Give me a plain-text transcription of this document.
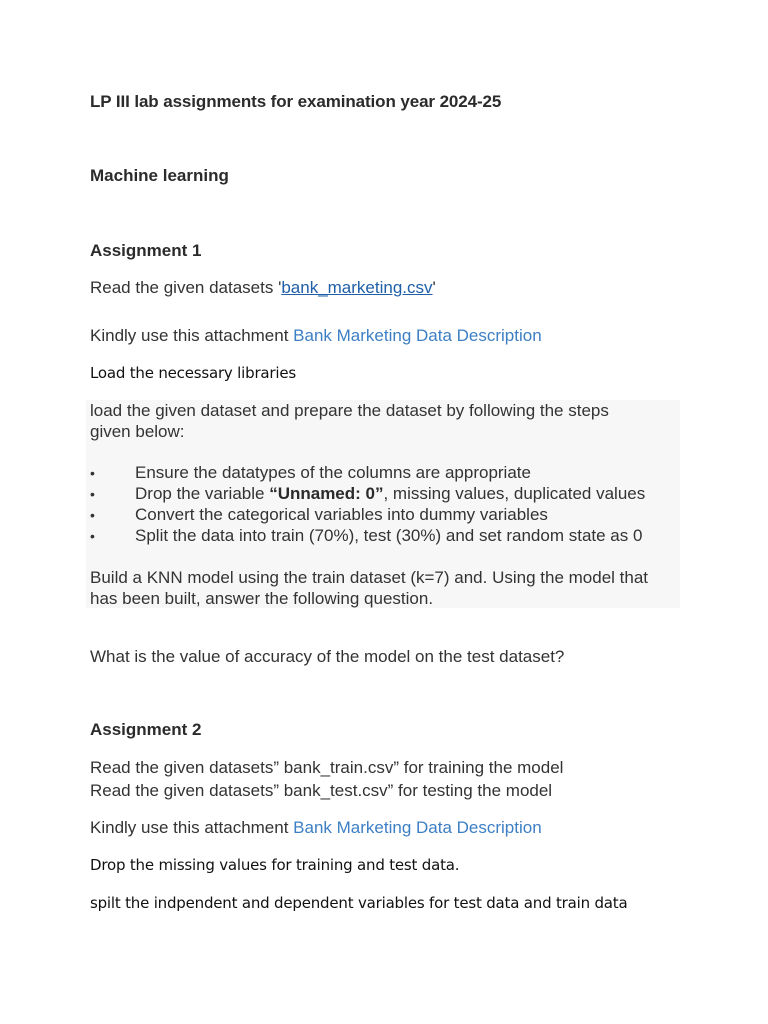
LP III lab assignments for examination year 2024-25
Machine learning
Assignment 1
Read the given datasets 'bank_marketing.csv'
Kindly use this attachment Bank Marketing Data Description
Load the necessary libraries
load the given dataset and prepare the dataset by following the steps
given below:
• Ensure the datatypes of the columns are appropriate
• Drop the variable “Unnamed: 0”, missing values, duplicated values
• Convert the categorical variables into dummy variables
• Split the data into train (70%), test (30%) and set random state as 0
Build a KNN model using the train dataset (k=7) and. Using the model that
has been built, answer the following question.
What is the value of accuracy of the model on the test dataset?
Assignment 2
Read the given datasets” bank_train.csv” for training the model
Read the given datasets” bank_test.csv” for testing the model
Kindly use this attachment Bank Marketing Data Description
Drop the missing values for training and test data.
spilt the indpendent and dependent variables for test data and train data
